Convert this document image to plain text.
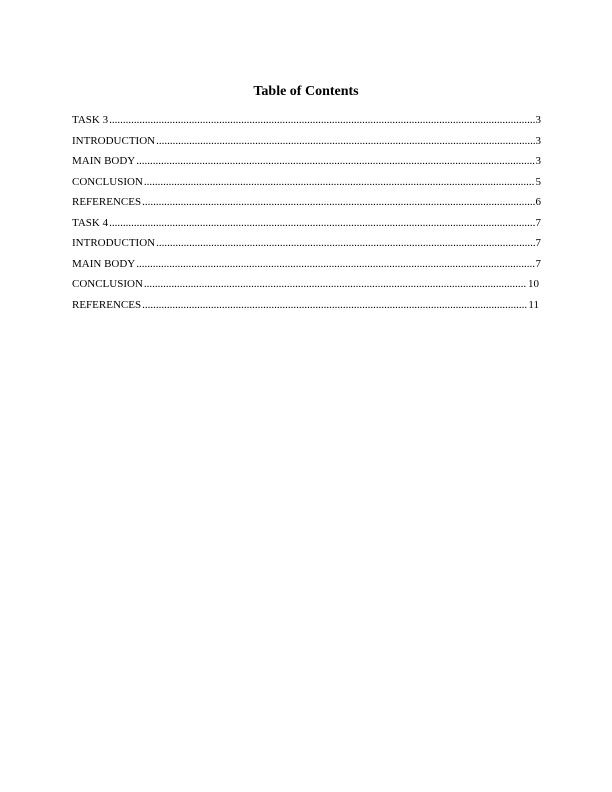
Table of Contents
TASK 3 .....	3
INTRODUCTION .....	3
MAIN BODY .....	3
CONCLUSION .....	5
REFERENCES .....	6
TASK 4 .....	7
INTRODUCTION .....	7
MAIN BODY .....	7
CONCLUSION .....	10
REFERENCES .....	11
